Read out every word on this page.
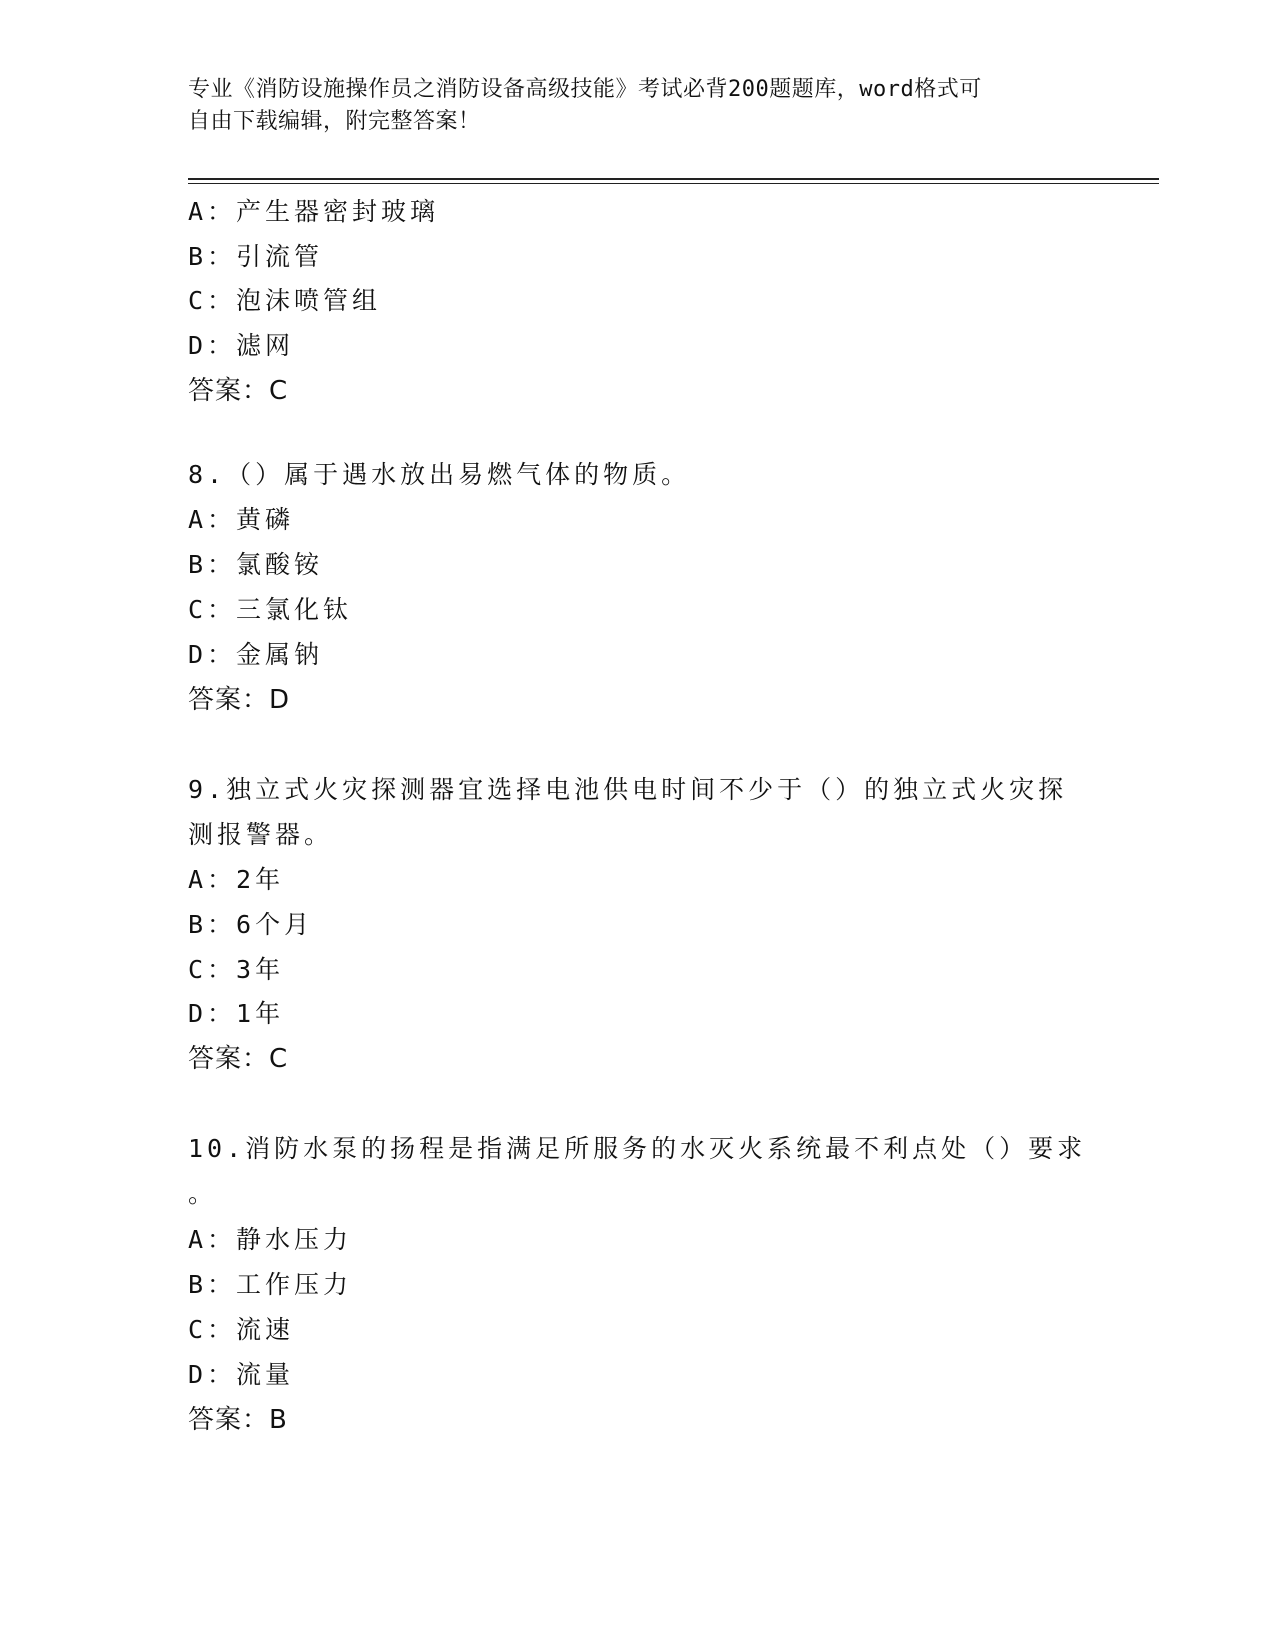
专业《消防设施操作员之消防设备高级技能》考试必背200题题库，word格式可
自由下载编辑，附完整答案！
A：产生器密封玻璃
B：引流管
C：泡沫喷管组
D：滤网
答案：C
8.（）属于遇水放出易燃气体的物质。
A：黄磷
B：氯酸铵
C：三氯化钛
D：金属钠
答案：D
9.独立式火灾探测器宜选择电池供电时间不少于（）的独立式火灾探
测报警器。
A：2年
B：6个月
C：3年
D：1年
答案：C
10.消防水泵的扬程是指满足所服务的水灭火系统最不利点处（）要求
。
A：静水压力
B：工作压力
C：流速
D：流量
答案：B
